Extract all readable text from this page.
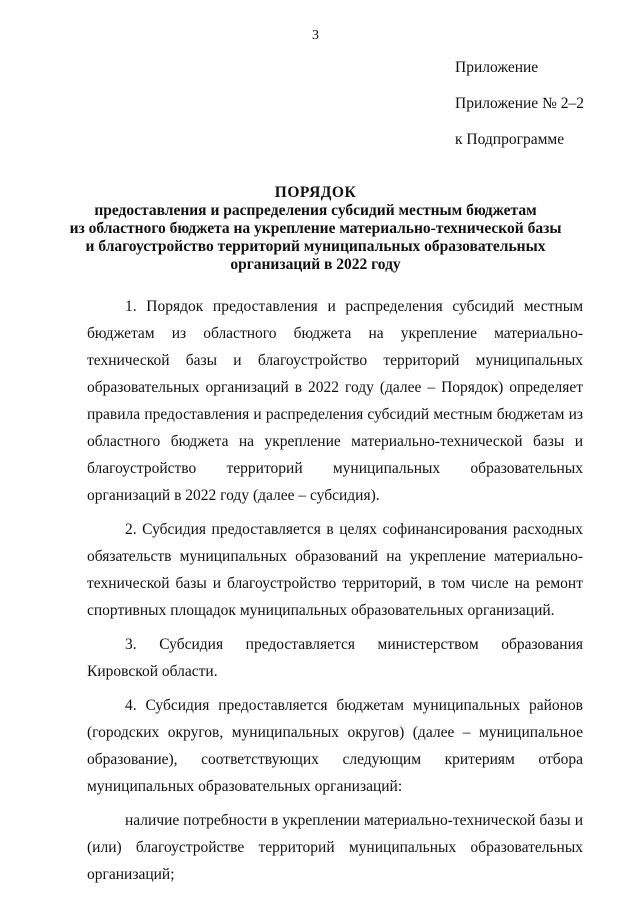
3
Приложение
Приложение № 2–2
к Подпрограмме
ПОРЯДОК
предоставления и распределения субсидий местным бюджетам
из областного бюджета на укрепление материально-технической базы
и благоустройство территорий муниципальных образовательных
организаций в 2022 году

1. Порядок предоставления и распределения субсидий местным бюджетам из областного бюджета на укрепление материально-технической базы и благоустройство территорий муниципальных образовательных организаций в 2022 году (далее – Порядок) определяет правила предоставления и распределения субсидий местным бюджетам из областного бюджета на укрепление материально-технической базы и благоустройство территорий муниципальных образовательных организаций в 2022 году (далее – субсидия).

2. Субсидия предоставляется в целях софинансирования расходных обязательств муниципальных образований на укрепление материально-технической базы и благоустройство территорий, в том числе на ремонт спортивных площадок муниципальных образовательных организаций.

3. Субсидия предоставляется министерством образования Кировской области.

4. Субсидия предоставляется бюджетам муниципальных районов (городских округов, муниципальных округов) (далее – муниципальное образование), соответствующих следующим критериям отбора муниципальных образовательных организаций:

наличие потребности в укреплении материально-технической базы и (или) благоустройстве территорий муниципальных образовательных организаций;
